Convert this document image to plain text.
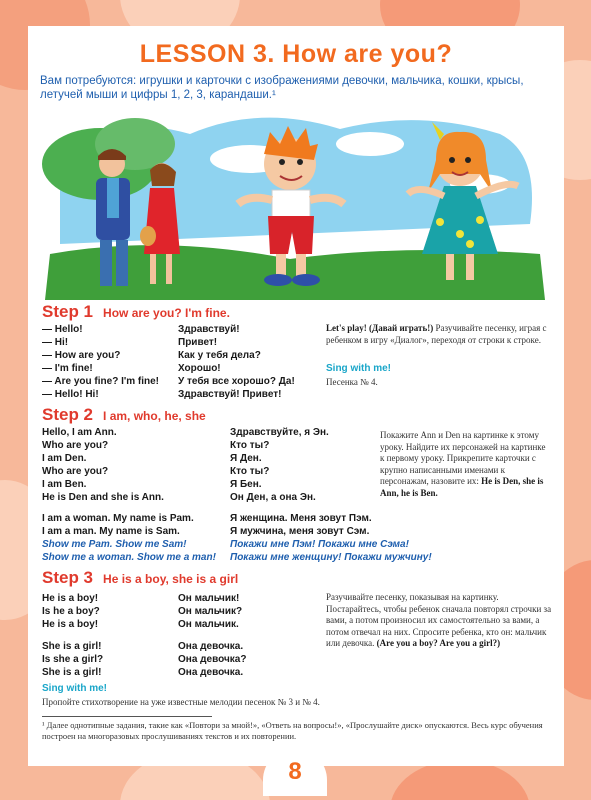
LESSON 3. How are you?
Вам потребуются: игрушки и карточки с изображениями девочки, мальчика, кошки, крысы, летучей мыши и цифры 1, 2, 3, карандаши.¹
Step 1 How are you? I'm fine.
— Hello!
— Hi!
— How are you?
— I'm fine!
— Are you fine? I'm fine!
— Hello! Hi!
Здравствуй!
Привет!
Как у тебя дела?
Хорошо!
У тебя все хорошо? Да!
Здравствуй! Привет!
Let's play! (Давай играть!) Разучивайте песенку, играя с ребенком в игру «Диалог», переходя от строки к строке.
Sing with me!
Песенка № 4.
Step 2 I am, who, he, she
Hello, I am Ann.
Who are you?
I am Den.
Who are you?
I am Ben.
He is Den and she is Ann.
Здравствуйте, я Эн.
Кто ты?
Я Ден.
Кто ты?
Я Бен.
Он Ден, а она Эн.
Покажите Ann и Den на картинке к этому уроку. Найдите их персонажей на картинке к первому уроку. Прикрепите карточки с крупно написанными именами к персонажам, назовите их: He is Den, she is Ann, he is Ben.
I am a woman. My name is Pam.
I am a man. My name is Sam.
Show me Pam. Show me Sam!
Show me a woman. Show me a man!
Я женщина. Меня зовут Пэм.
Я мужчина, меня зовут Сэм.
Покажи мне Пэм! Покажи мне Сэма!
Покажи мне женщину! Покажи мужчину!
Step 3 He is a boy, she is a girl
He is a boy!
Is he a boy?
He is a boy!
Он мальчик!
Он мальчик?
Он мальчик.
She is a girl!
Is she a girl?
She is a girl!
Она девочка.
Она девочка?
Она девочка.
Sing with me!
Разучивайте песенку, показывая на картинку. Постарайтесь, чтобы ребенок сначала повторял строчки за вами, а потом произносил их самостоятельно за вами, а потом отвечал на них. Спросите ребенка, кто он: мальчик или девочка. (Are you a boy? Are you a girl?)
Пропойте стихотворение на уже известные мелодии песенок № 3 и № 4.
¹ Далее однотипные задания, такие как «Повтори за мной!», «Ответь на вопросы!», «Прослушайте диск» опускаются. Весь курс обучения построен на многоразовых прослушиваниях текстов и их повторении.
8
